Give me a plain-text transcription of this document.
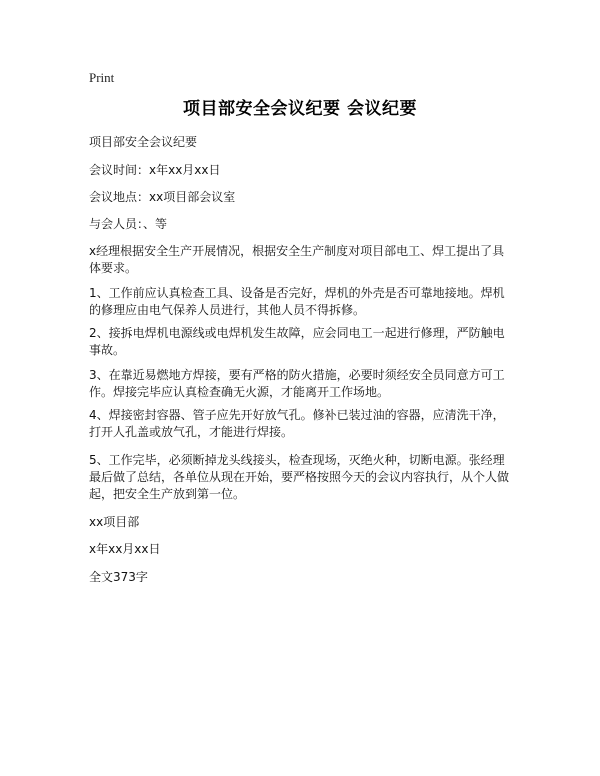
Print
项目部安全会议纪要 会议纪要
项目部安全会议纪要
会议时间：x年xx月xx日
会议地点：xx项目部会议室
与会人员：、等
x经理根据安全生产开展情况，根据安全生产制度对项目部电工、焊工提出了具体要求。
1、工作前应认真检查工具、设备是否完好，焊机的外壳是否可靠地接地。焊机的修理应由电气保养人员进行，其他人员不得拆修。
2、接拆电焊机电源线或电焊机发生故障，应会同电工一起进行修理，严防触电事故。
3、在靠近易燃地方焊接，要有严格的防火措施，必要时须经安全员同意方可工作。焊接完毕应认真检查确无火源，才能离开工作场地。
4、焊接密封容器、管子应先开好放气孔。修补已装过油的容器，应清洗干净，打开人孔盖或放气孔，才能进行焊接。
5、工作完毕，必须断掉龙头线接头，检查现场，灭绝火种，切断电源。张经理最后做了总结，各单位从现在开始，要严格按照今天的会议内容执行，从个人做起，把安全生产放到第一位。
xx项目部
x年xx月xx日
全文373字
